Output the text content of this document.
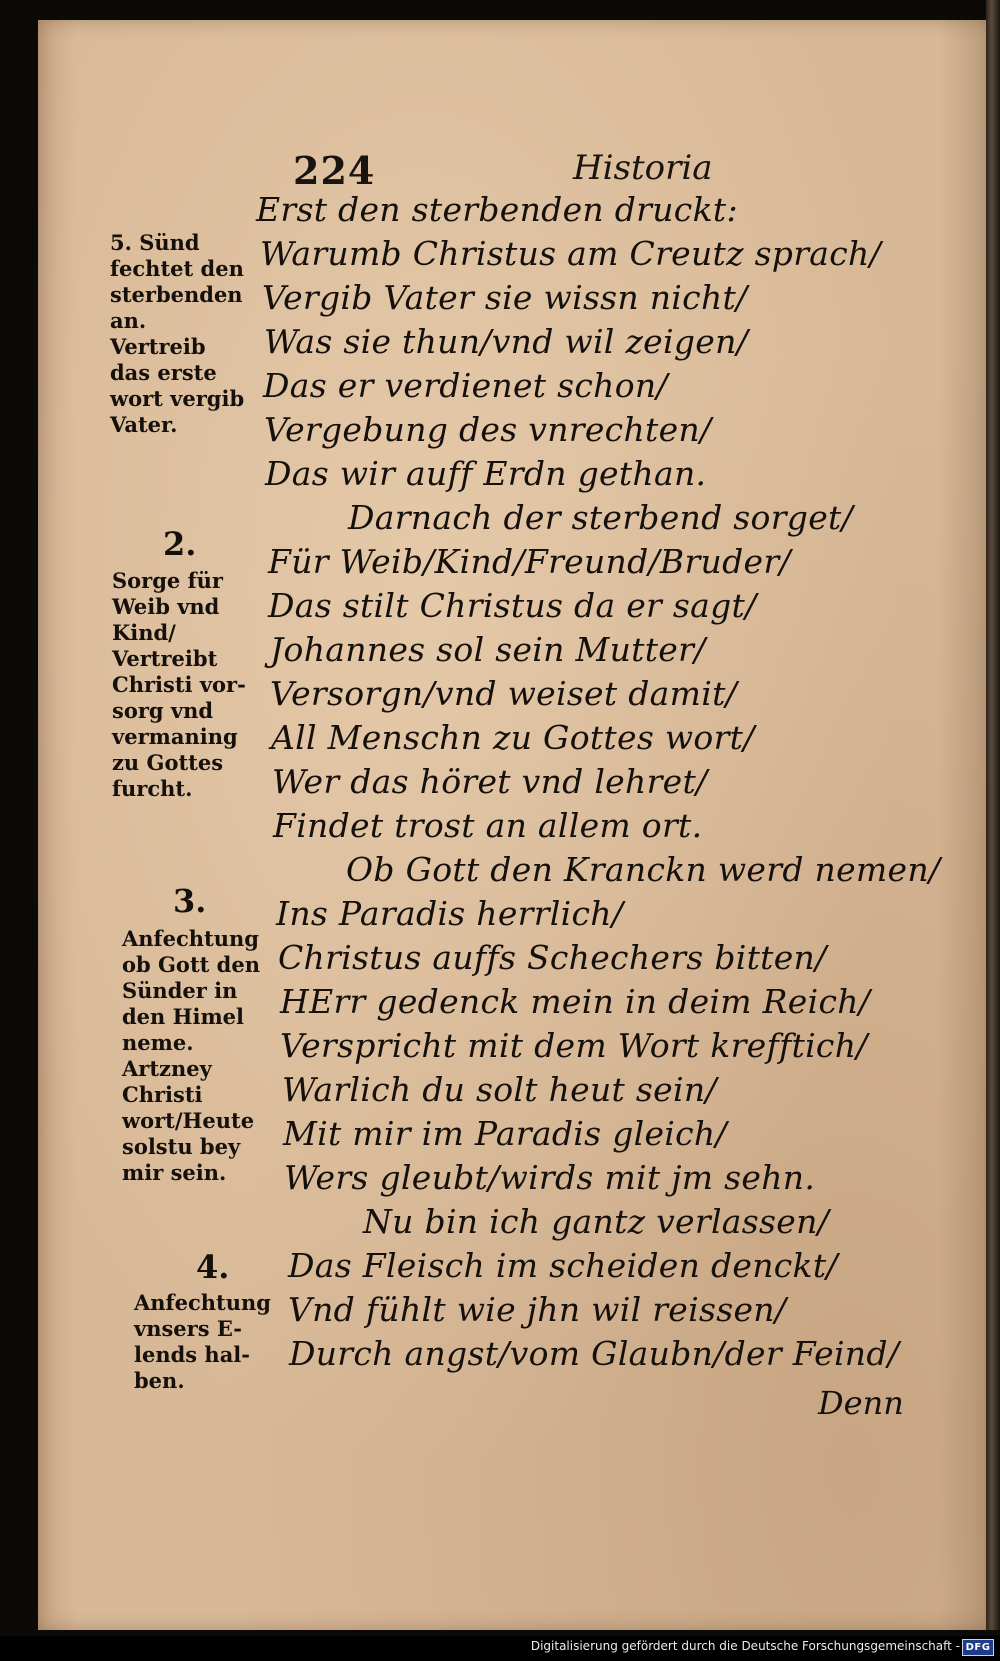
224	Historia
Erst den sterbenden druckt:
Warumb Christus am Creutz sprach/
Vergib Vater sie wissn nicht/
Was sie thun/vnd wil zeigen/
Das er verdienet schon/
Vergebung des vnrechten/
Das wir auff Erdn gethan.
Darnach der sterbend sorget/
Für Weib/Kind/Freund/Bruder/
Das stilt Christus da er sagt/
Johannes sol sein Mutter/
Versorgn/vnd weiset damit/
All Menschn zu Gottes wort/
Wer das höret vnd lehret/
Findet trost an allem ort.
Ob Gott den Kranckn werd nemen/
Ins Paradis herrlich/
Christus auffs Schechers bitten/
HErr gedenck mein in deim Reich/
Verspricht mit dem Wort krefftich/
Warlich du solt heut sein/
Mit mir im Paradis gleich/
Wers gleubt/wirds mit jm sehn.
Nu bin ich gantz verlassen/
Das Fleisch im scheiden denckt/
Vnd fühlt wie jhn wil reissen/
Durch angst/vom Glaubn/der Feind/
Denn
5. Sünd
fechtet den
sterbenden
an.
Vertreib
das erste
wort vergib
Vater.
2.
Sorge für
Weib vnd
Kind/
Vertreibt
Christi vor-
sorg vnd
vermaning
zu Gottes
furcht.
3.
Anfechtung
ob Gott den
Sünder in
den Himel
neme.
Artzney
Christi
wort/Heute
solstu bey
mir sein.
4.
Anfechtung
vnsers E-
lends hal-
ben.
Digitalisierung gefördert durch die Deutsche Forschungsgemeinschaft - DFG
